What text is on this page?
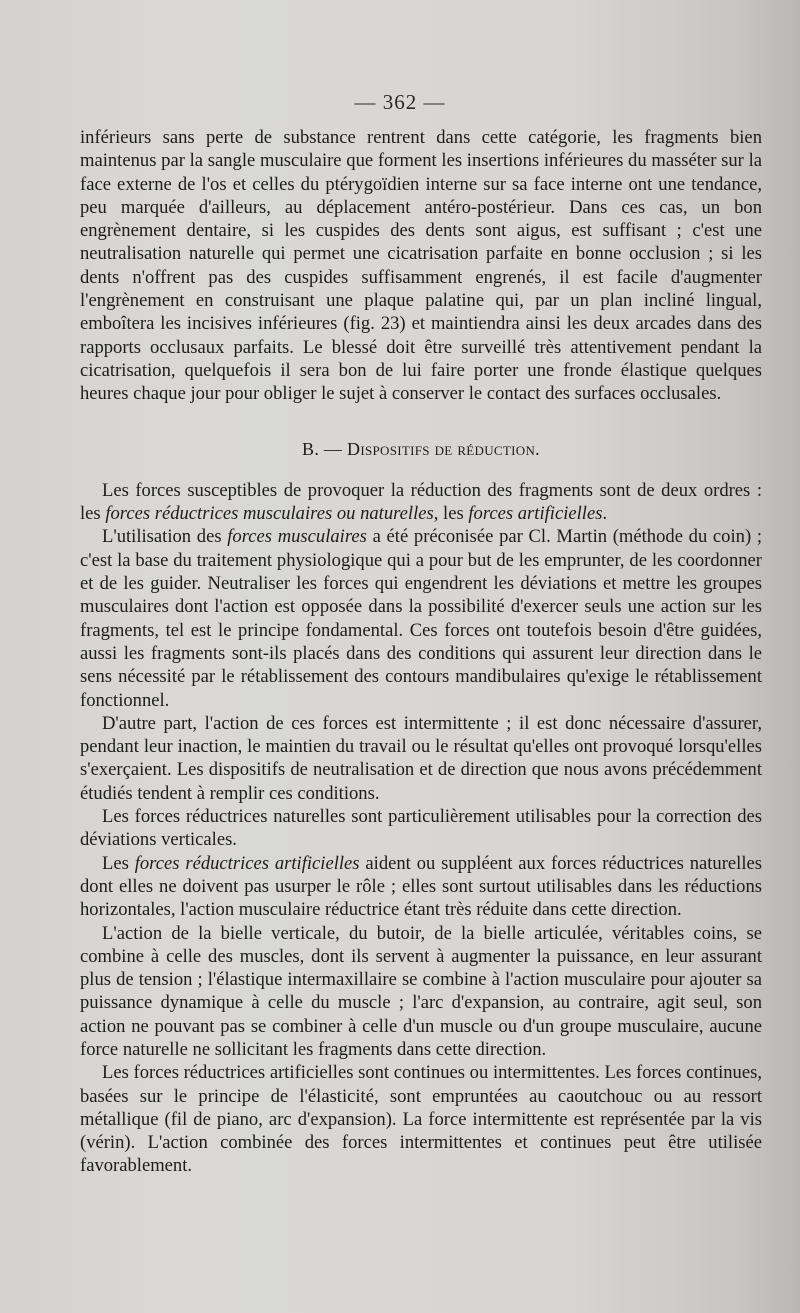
— 362 —

inférieurs sans perte de substance rentrent dans cette catégorie, les fragments bien maintenus par la sangle musculaire que forment les insertions inférieures du masséter sur la face externe de l'os et celles du ptérygoïdien interne sur sa face interne ont une tendance, peu marquée d'ailleurs, au déplacement antéro-postérieur. Dans ces cas, un bon engrènement dentaire, si les cuspides des dents sont aigus, est suffisant ; c'est une neutralisation naturelle qui permet une cicatrisation parfaite en bonne occlusion ; si les dents n'offrent pas des cuspides suffisamment engrenés, il est facile d'augmenter l'engrènement en construisant une plaque palatine qui, par un plan incliné lingual, emboîtera les incisives inférieures (fig. 23) et maintiendra ainsi les deux arcades dans des rapports occlusaux parfaits. Le blessé doit être surveillé très attentivement pendant la cicatrisation, quelquefois il sera bon de lui faire porter une fronde élastique quelques heures chaque jour pour obliger le sujet à conserver le contact des surfaces occlusales.

B. — Dispositifs de réduction.

Les forces susceptibles de provoquer la réduction des fragments sont de deux ordres : les forces réductrices musculaires ou naturelles, les forces artificielles.

L'utilisation des forces musculaires a été préconisée par Cl. Martin (méthode du coin) ; c'est la base du traitement physiologique qui a pour but de les emprunter, de les coordonner et de les guider. Neutraliser les forces qui engendrent les déviations et mettre les groupes musculaires dont l'action est opposée dans la possibilité d'exercer seuls une action sur les fragments, tel est le principe fondamental. Ces forces ont toutefois besoin d'être guidées, aussi les fragments sont-ils placés dans des conditions qui assurent leur direction dans le sens nécessité par le rétablissement des contours mandibulaires qu'exige le rétablissement fonctionnel.

D'autre part, l'action de ces forces est intermittente ; il est donc nécessaire d'assurer, pendant leur inaction, le maintien du travail ou le résultat qu'elles ont provoqué lorsqu'elles s'exerçaient. Les dispositifs de neutralisation et de direction que nous avons précédemment étudiés tendent à remplir ces conditions.

Les forces réductrices naturelles sont particulièrement utilisables pour la correction des déviations verticales.

Les forces réductrices artificielles aident ou suppléent aux forces réductrices naturelles dont elles ne doivent pas usurper le rôle ; elles sont surtout utilisables dans les réductions horizontales, l'action musculaire réductrice étant très réduite dans cette direction.

L'action de la bielle verticale, du butoir, de la bielle articulée, véritables coins, se combine à celle des muscles, dont ils servent à augmenter la puissance, en leur assurant plus de tension ; l'élastique intermaxillaire se combine à l'action musculaire pour ajouter sa puissance dynamique à celle du muscle ; l'arc d'expansion, au contraire, agit seul, son action ne pouvant pas se combiner à celle d'un muscle ou d'un groupe musculaire, aucune force naturelle ne sollicitant les fragments dans cette direction.

Les forces réductrices artificielles sont continues ou intermittentes. Les forces continues, basées sur le principe de l'élasticité, sont empruntées au caoutchouc ou au ressort métallique (fil de piano, arc d'expansion). La force intermittente est représentée par la vis (vérin). L'action combinée des forces intermittentes et continues peut être utilisée favorablement.
